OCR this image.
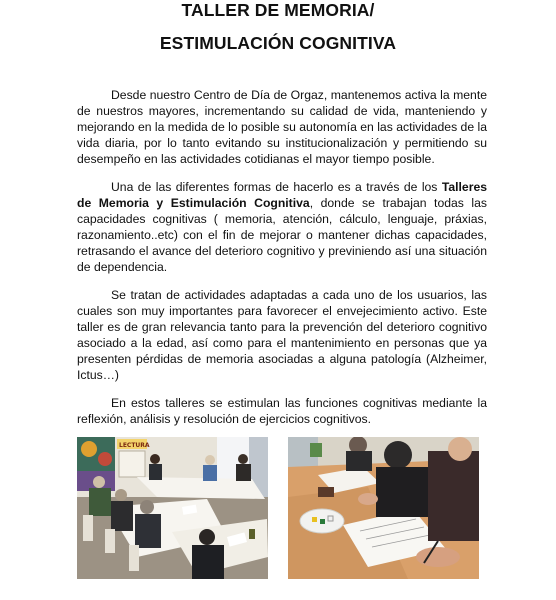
TALLER DE MEMORIA/
ESTIMULACIÓN COGNITIVA

Desde nuestro Centro de Día de Orgaz, mantenemos activa la mente de nuestros mayores, incrementando su calidad de vida, manteniendo y mejorando en la medida de lo posible su autonomía en las actividades de la vida diaria, por lo tanto evitando su institucionalización y permitiendo su desempeño en las actividades cotidianas el mayor tiempo posible.

Una de las diferentes formas de hacerlo es a través de los Talleres de Memoria y Estimulación Cognitiva, donde se trabajan todas las capacidades cognitivas ( memoria, atención, cálculo, lenguaje, práxias, razonamiento..etc) con el fin de mejorar o mantener dichas capacidades, retrasando el avance del deterioro cognitivo y previniendo así una situación de dependencia.

Se tratan de actividades adaptadas a cada uno de los usuarios, las cuales son muy importantes para favorecer el envejecimiento activo. Este taller es de gran relevancia tanto para la prevención del deterioro cognitivo asociado a la edad, así como para el mantenimiento en personas que ya presenten pérdidas de memoria asociadas a alguna patología (Alzheimer, Ictus…)

En estos talleres se estimulan las funciones cognitivas mediante la reflexión, análisis y resolución de ejercicios cognitivos.

LECTURA
